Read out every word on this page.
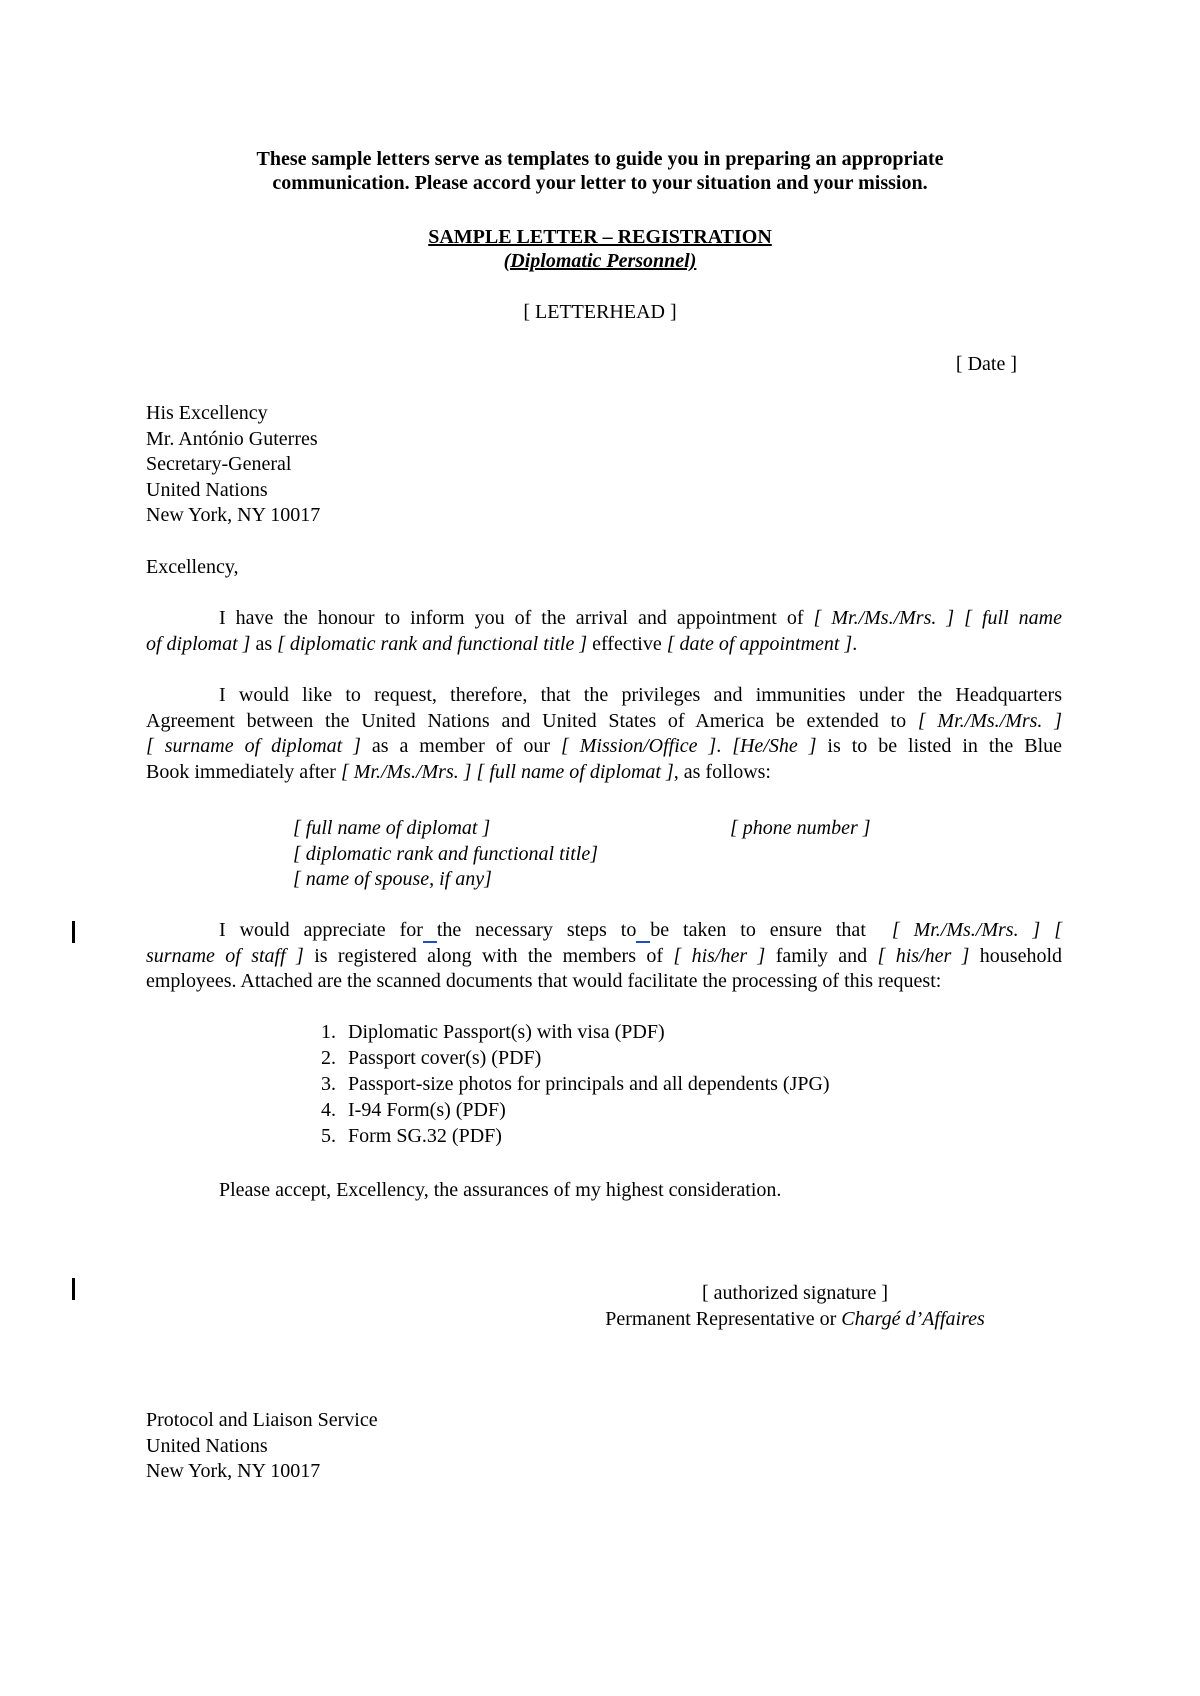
These sample letters serve as templates to guide you in preparing an appropriate
communication. Please accord your letter to your situation and your mission.
SAMPLE LETTER – REGISTRATION
(Diplomatic Personnel)
[ LETTERHEAD ]
[ Date ]
His Excellency
Mr. António Guterres
Secretary-General
United Nations
New York, NY 10017
Excellency,
I have the honour to inform you of the arrival and appointment of [ Mr./Ms./Mrs. ] [ full name
of diplomat ] as [ diplomatic rank and functional title ] effective [ date of appointment ].
I would like to request, therefore, that the privileges and immunities under the Headquarters
Agreement between the United Nations and United States of America be extended to [ Mr./Ms./Mrs. ]
[ surname of diplomat ] as a member of our [ Mission/Office ]. [He/She ] is to be listed in the Blue
Book immediately after [ Mr./Ms./Mrs. ] [ full name of diplomat ], as follows:
[ full name of diplomat ]	[ phone number ]
[ diplomatic rank and functional title]
[ name of spouse, if any]
I would appreciate for the necessary steps to be taken to ensure that [ Mr./Ms./Mrs. ] [
surname of staff ] is registered along with the members of [ his/her ] family and [ his/her ] household
employees. Attached are the scanned documents that would facilitate the processing of this request:
1. Diplomatic Passport(s) with visa (PDF)
2. Passport cover(s) (PDF)
3. Passport-size photos for principals and all dependents (JPG)
4. I-94 Form(s) (PDF)
5. Form SG.32 (PDF)
Please accept, Excellency, the assurances of my highest consideration.
[ authorized signature ]
Permanent Representative or Chargé d’Affaires
Protocol and Liaison Service
United Nations
New York, NY 10017
